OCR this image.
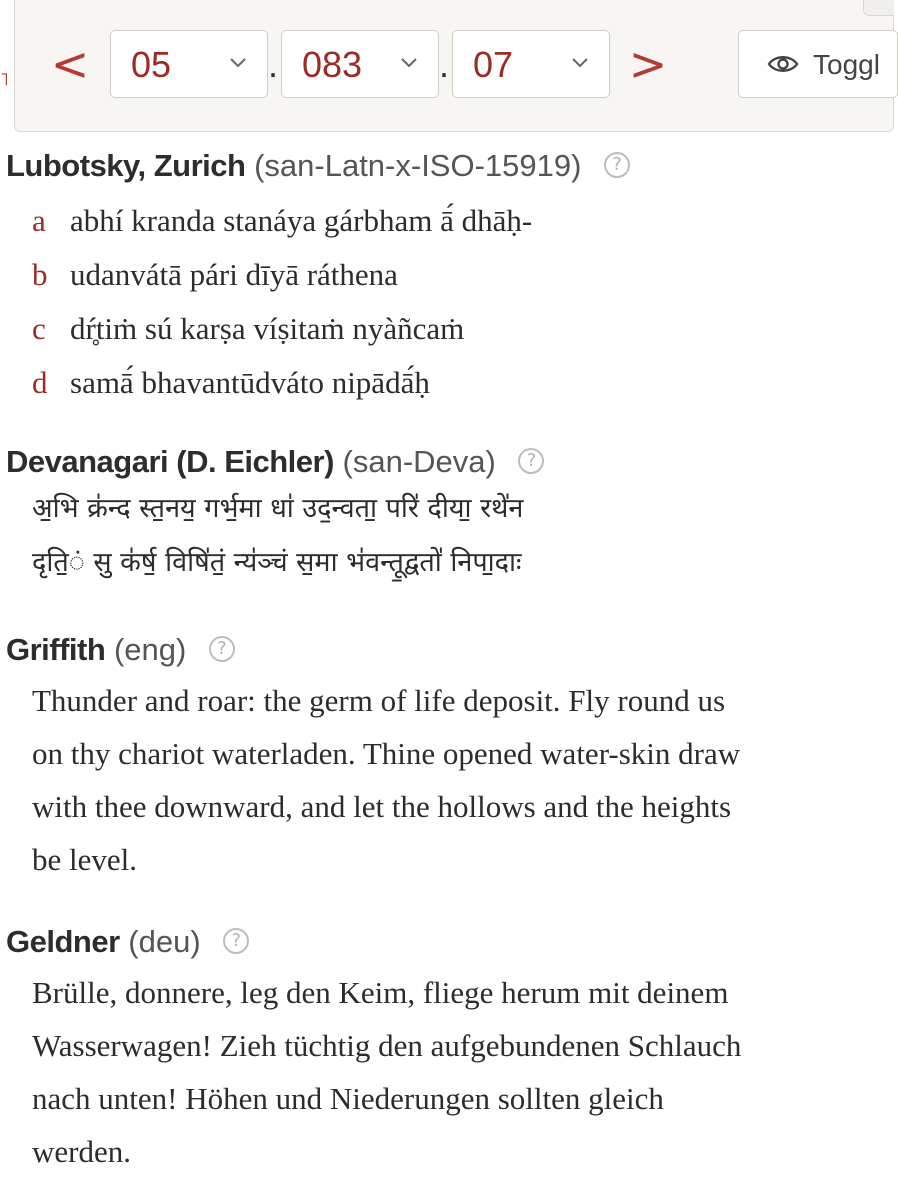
˥ < 05	. 083 . 07	>	Toggl
Lubotsky, Zurich (san-Latn-x-ISO-15919) ?
a abhí kranda stanáya gárbham ā́ dhāḥ-
b udanvátā pári dīyā ráthena
c dŕ̥tiṁ sú karṣa víṣitaṁ nyàñcaṁ
d samā́ bhavantūdváto nipādā́ḥ
Devanagari (D. Eichler) (san-Deva) ?
अ॒भि क्र॑न्द स्त॒नय॒ गर्भ॒मा धा॑ उद॒न्वता॒ परि॑ दीया॒ रथे॑न
दृति॒ं सु क॑र्ष॒ विषि॑तं॒ न्य॑ञ्चं स॒मा भ॑वन्तू॒द्वतो॑ निपा॒दाः
Griffith (eng) ?
Thunder and roar: the germ of life deposit. Fly round us
on thy chariot waterladen. Thine opened water-skin draw
with thee downward, and let the hollows and the heights
be level.
Geldner (deu) ?
Brülle, donnere, leg den Keim, fliege herum mit deinem
Wasserwagen! Zieh tüchtig den aufgebundenen Schlauch
nach unten! Höhen und Niederungen sollten gleich
werden.
